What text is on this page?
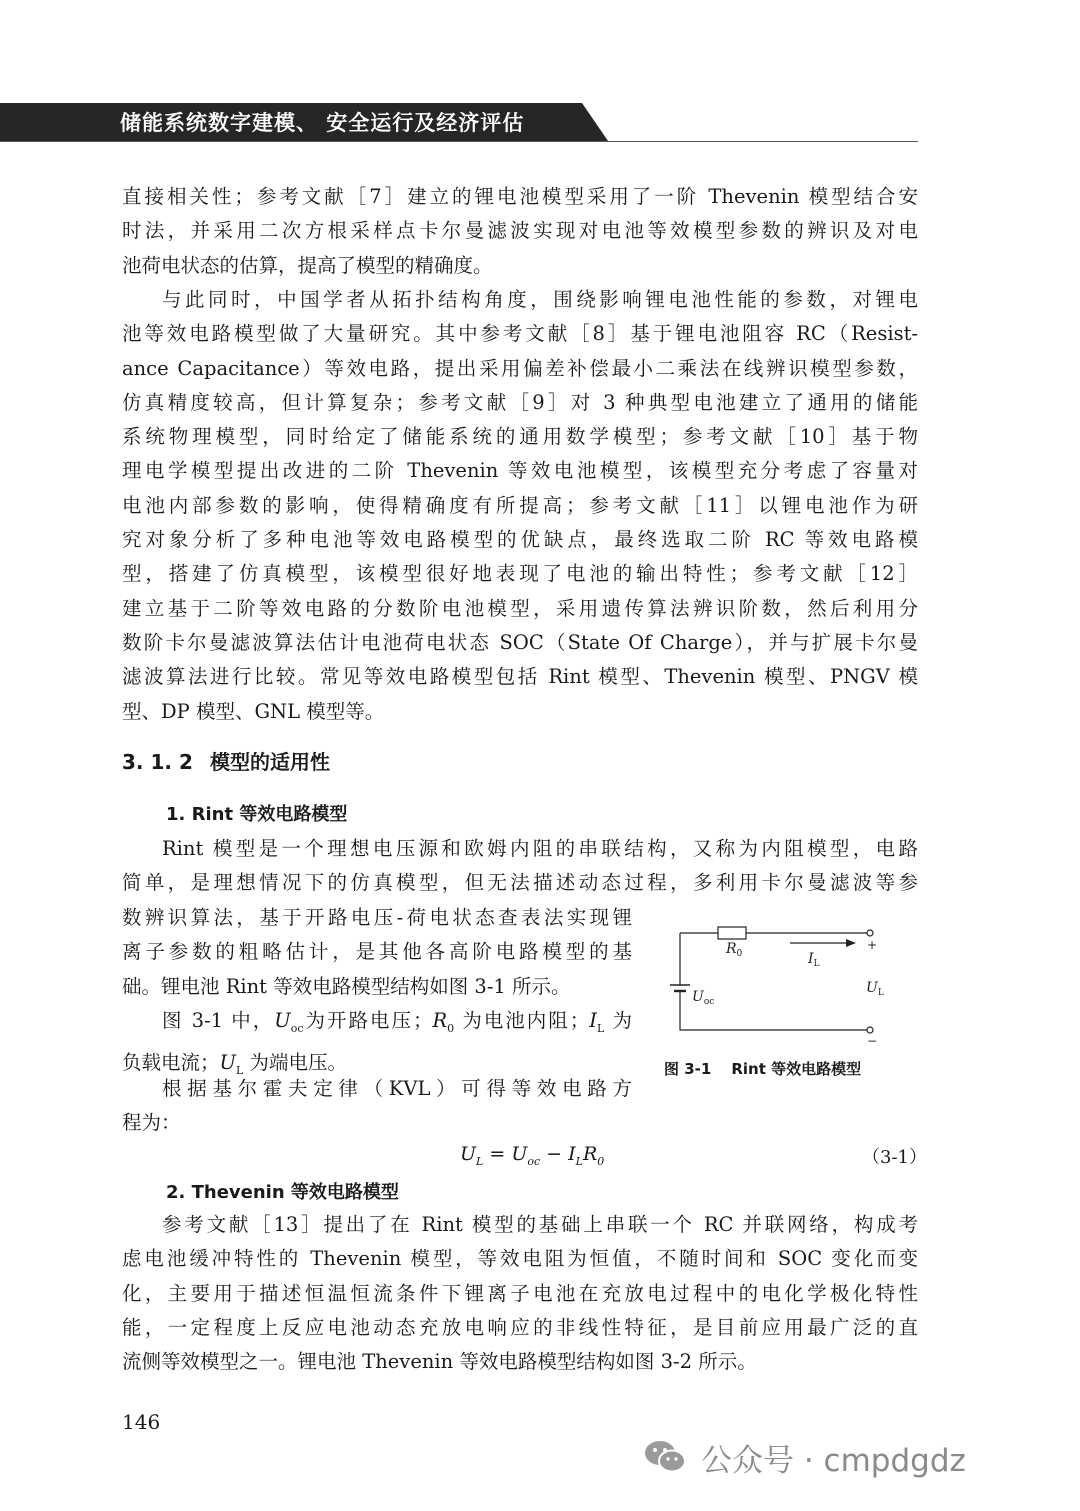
储能系统数字建模、 安全运行及经济评估
直接相关性；参考文献［7］建立的锂电池模型采用了一阶 Thevenin 模型结合安
时法，并采用二次方根采样点卡尔曼滤波实现对电池等效模型参数的辨识及对电
池荷电状态的估算，提高了模型的精确度。
与此同时，中国学者从拓扑结构角度，围绕影响锂电池性能的参数，对锂电
池等效电路模型做了大量研究。其中参考文献［8］基于锂电池阻容 RC（Resist-
ance Capacitance）等效电路，提出采用偏差补偿最小二乘法在线辨识模型参数，
仿真精度较高，但计算复杂；参考文献［9］对 3 种典型电池建立了通用的储能
系统物理模型，同时给定了储能系统的通用数学模型；参考文献［10］基于物
理电学模型提出改进的二阶 Thevenin 等效电池模型，该模型充分考虑了容量对
电池内部参数的影响，使得精确度有所提高；参考文献［11］以锂电池作为研
究对象分析了多种电池等效电路模型的优缺点，最终选取二阶 RC 等效电路模
型，搭建了仿真模型，该模型很好地表现了电池的输出特性；参考文献［12］
建立基于二阶等效电路的分数阶电池模型，采用遗传算法辨识阶数，然后利用分
数阶卡尔曼滤波算法估计电池荷电状态 SOC（State Of Charge），并与扩展卡尔曼
滤波算法进行比较。常见等效电路模型包括 Rint 模型、Thevenin 模型、PNGV 模
型、DP 模型、GNL 模型等。
3. 1. 2 模型的适用性
1. Rint 等效电路模型
Rint 模型是一个理想电压源和欧姆内阻的串联结构，又称为内阻模型，电路
简单，是理想情况下的仿真模型，但无法描述动态过程，多利用卡尔曼滤波等参
数辨识算法，基于开路电压-荷电状态查表法实现锂
离子参数的粗略估计，是其他各高阶电路模型的基
础。锂电池 Rint 等效电路模型结构如图 3-1 所示。
图 3-1 中，$U_{oc}$为开路电压；$R_0$ 为电池内阻；$I_L$ 为
负载电流；$U_L$ 为端电压。
根据基尔霍夫定律（KVL）可得等效电路方
程为：
$R_0$	$I_L$
+
−
$U_{oc}$
$U_L$
图 3-1 Rint 等效电路模型
$U_L = U_{oc} - I_LR_0$	（3-1）
2. Thevenin 等效电路模型
参考文献［13］提出了在 Rint 模型的基础上串联一个 RC 并联网络，构成考
虑电池缓冲特性的 Thevenin 模型，等效电阻为恒值，不随时间和 SOC 变化而变
化，主要用于描述恒温恒流条件下锂离子电池在充放电过程中的电化学极化特性
能，一定程度上反应电池动态充放电响应的非线性特征，是目前应用最广泛的直
流侧等效模型之一。锂电池 Thevenin 等效电路模型结构如图 3-2 所示。
146
公众号 · cmpdgdz
